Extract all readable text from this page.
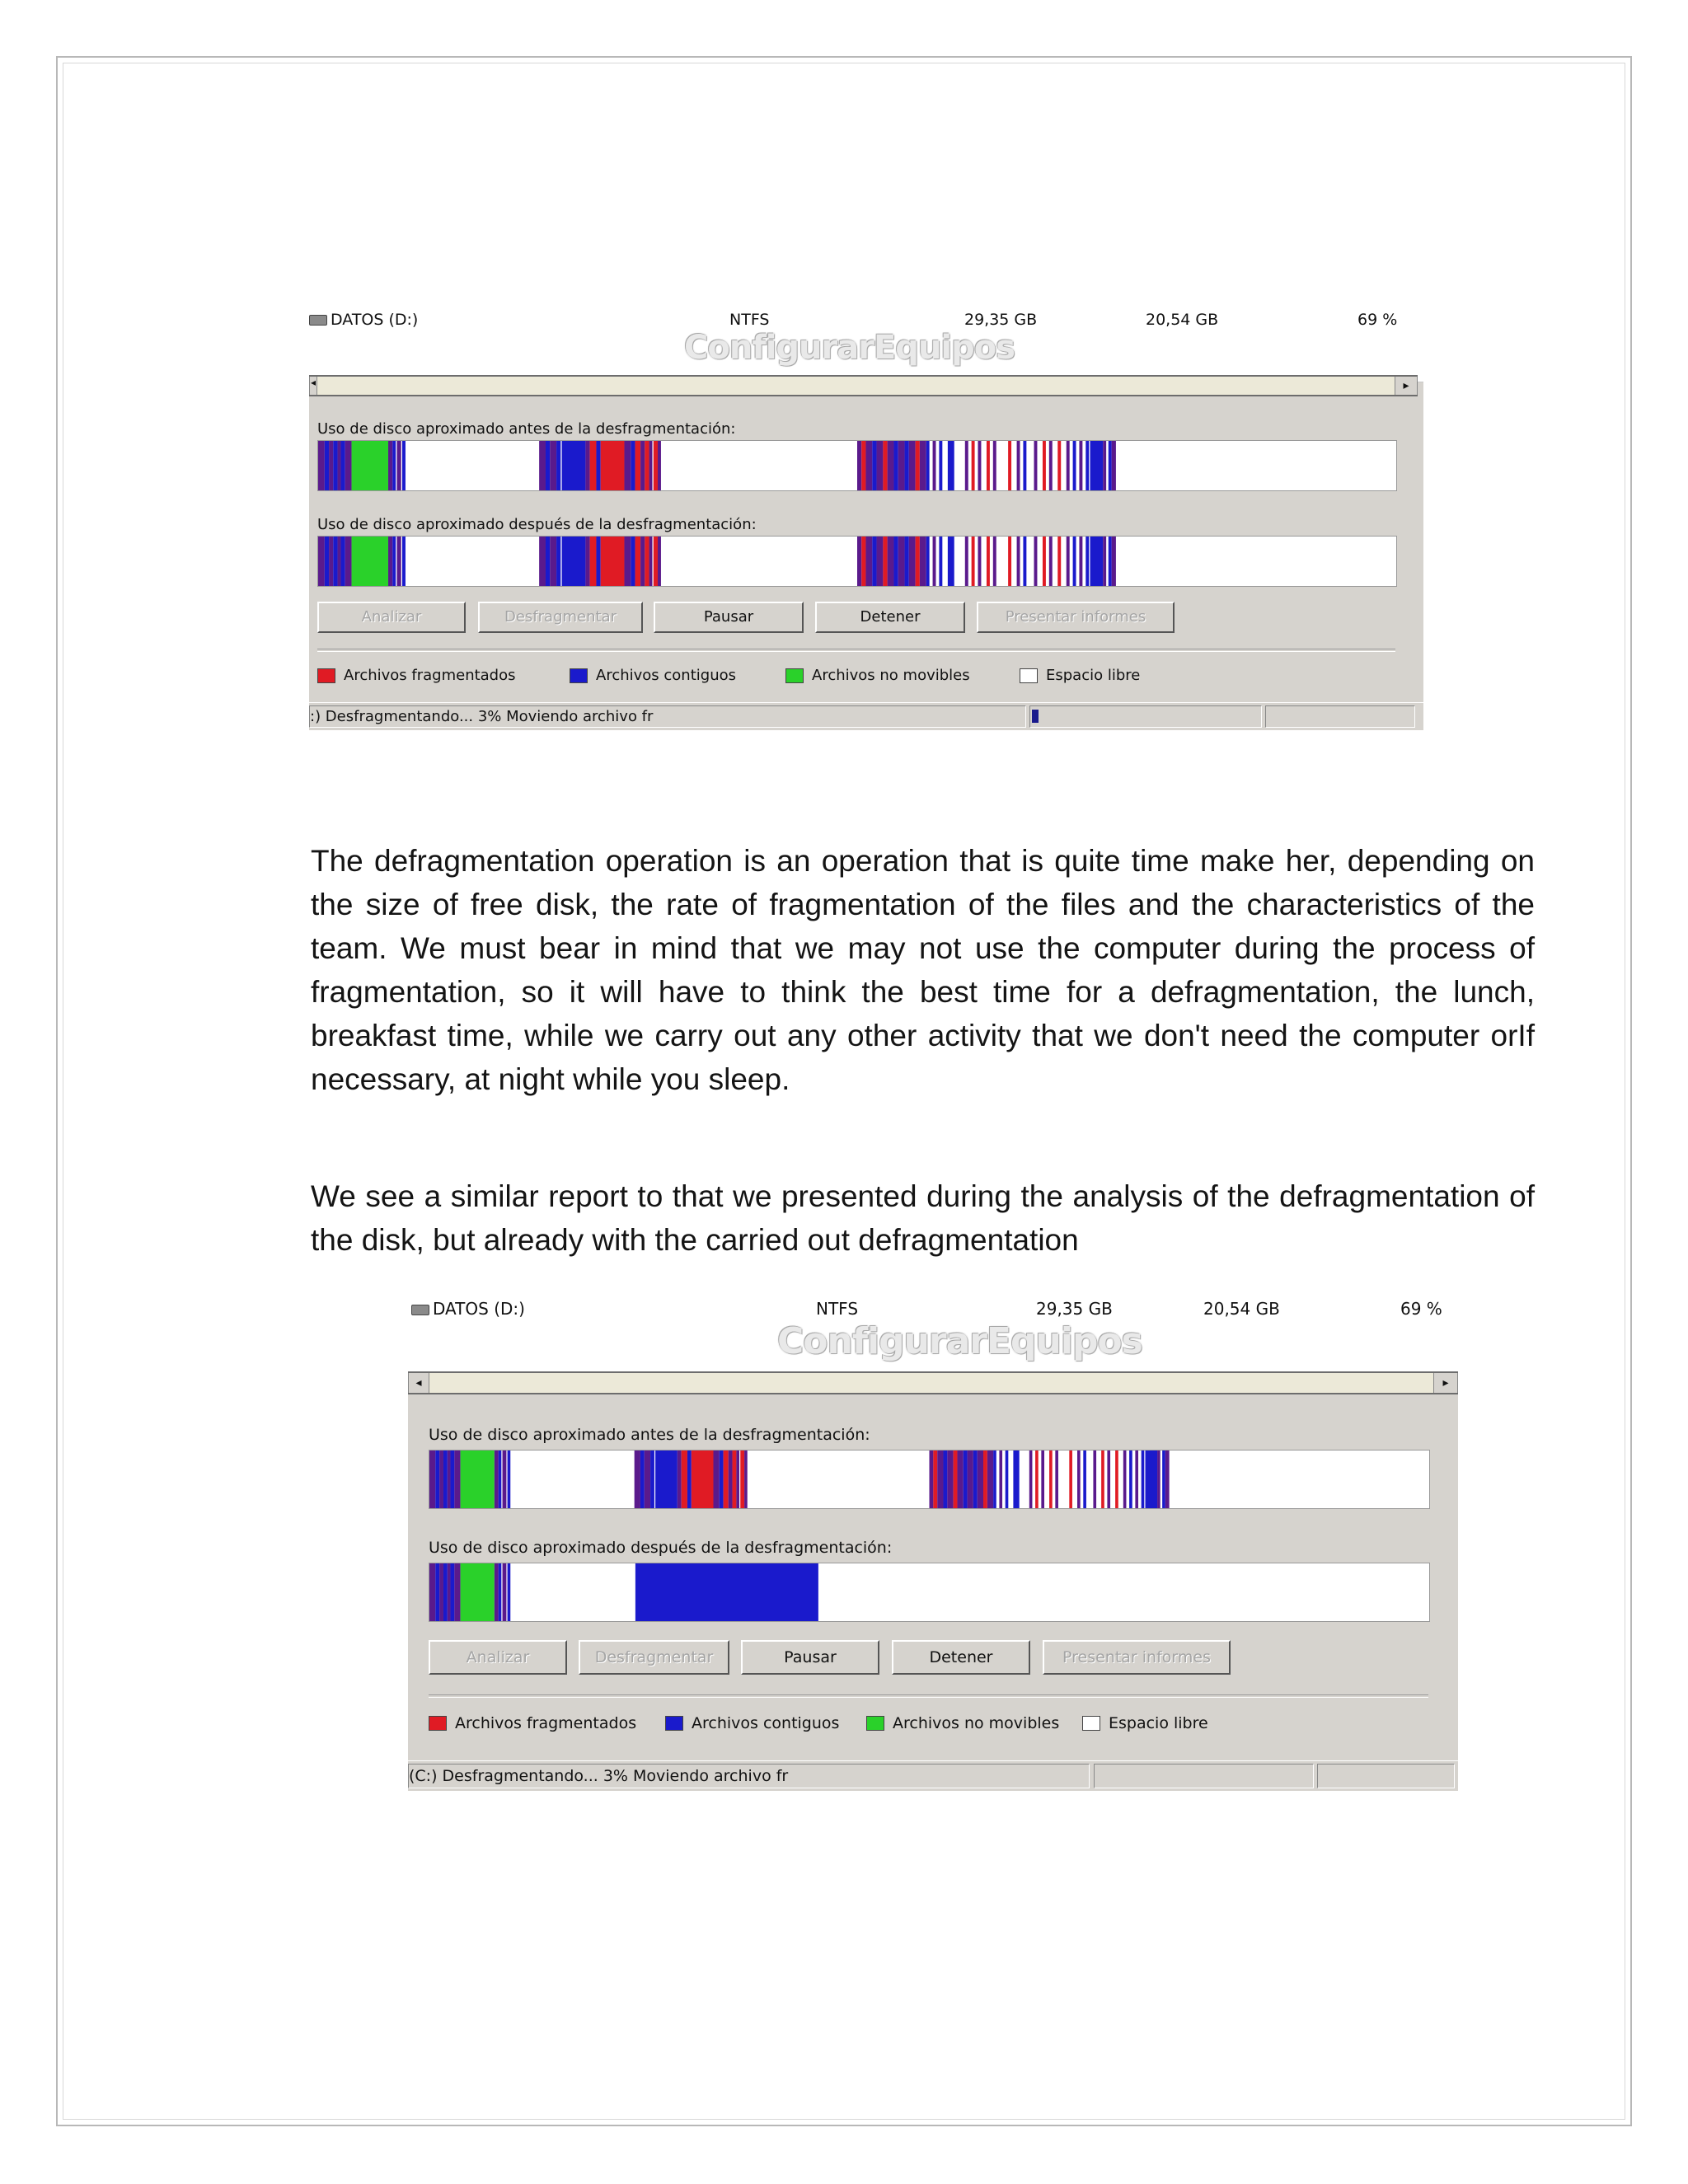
DATOS (D:)	NTFS	29,35 GB	20,54 GB	69 %
ConfigurarEquipos
◂	▸
Uso de disco aproximado antes de la desfragmentación:
Uso de disco aproximado después de la desfragmentación:
Analizar	Desfragmentar	Pausar	Detener	Presentar informes
Archivos fragmentados	Archivos contiguos	Archivos no movibles	Espacio libre
:) Desfragmentando... 3% Moviendo archivo fr

The defragmentation operation is an operation that is quite time make her, depending on the size of free disk, the rate of fragmentation of the files and the characteristics of the team. We must bear in mind that we may not use the computer during the process of fragmentation, so it will have to think the best time for a defragmentation, the lunch, breakfast time, while we carry out any other activity that we don't need the computer orIf necessary, at night while you sleep.

We see a similar report to that we presented during the analysis of the defragmentation of the disk, but already with the carried out defragmentation

DATOS (D:)	NTFS	29,35 GB	20,54 GB	69 %
ConfigurarEquipos
◂	▸
Uso de disco aproximado antes de la desfragmentación:
Uso de disco aproximado después de la desfragmentación:
Analizar	Desfragmentar	Pausar	Detener	Presentar informes
Archivos fragmentados	Archivos contiguos	Archivos no movibles	Espacio libre
(C:) Desfragmentando... 3% Moviendo archivo fr
